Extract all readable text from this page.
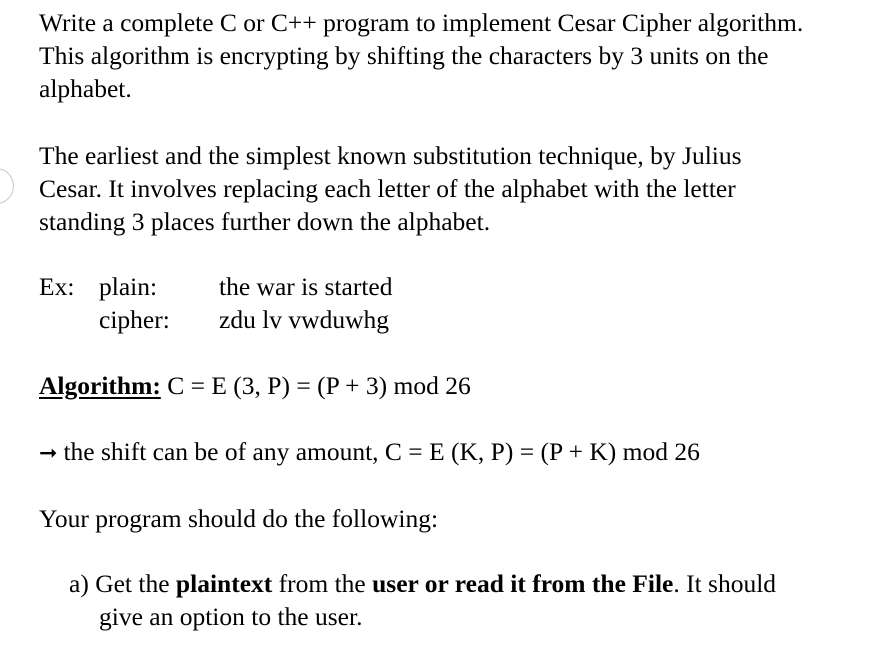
Write a complete C or C++ program to implement Cesar Cipher algorithm.
This algorithm is encrypting by shifting the characters by 3 units on the
alphabet.
The earliest and the simplest known substitution technique, by Julius
Cesar. It involves replacing each letter of the alphabet with the letter
standing 3 places further down the alphabet.
Ex: plain: the war is started
cipher: zdu lv vwduwhg
Algorithm: C = E (3, P) = (P + 3) mod 26
➞ the shift can be of any amount, C = E (K, P) = (P + K) mod 26
Your program should do the following:
a) Get the plaintext from the user or read it from the File. It should
give an option to the user.
